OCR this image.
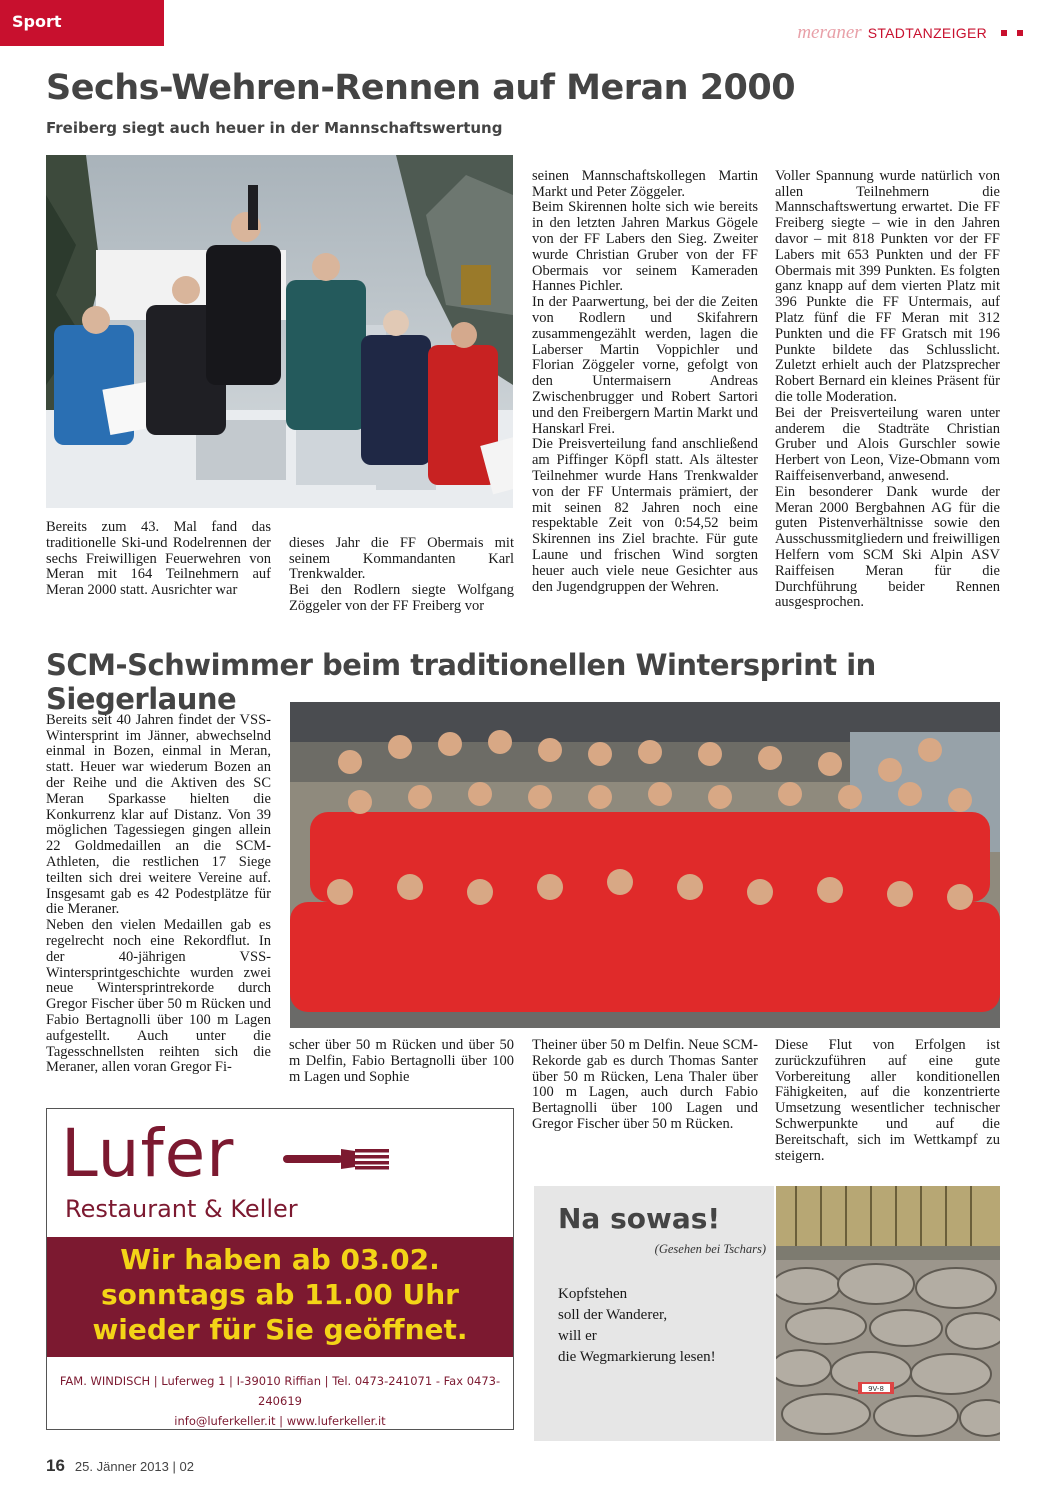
Sport
meraner STADTANZEIGER
Sechs-Wehren-Rennen auf Meran 2000
Freiberg siegt auch heuer in der Mannschaftswertung

Bereits zum 43. Mal fand das traditionelle Ski-und Rodelrennen der sechs Freiwilligen Feuerwehren von Meran mit 164 Teilnehmern auf Meran 2000 statt. Ausrichter war

dieses Jahr die FF Obermais mit seinem Kommandanten Karl Trenkwalder.
Bei den Rodlern siegte Wolfgang Zöggeler von der FF Freiberg vor

seinen Mannschaftskollegen Martin Markt und Peter Zöggeler.
Beim Skirennen holte sich wie bereits in den letzten Jahren Markus Gögele von der FF Labers den Sieg. Zweiter wurde Christian Gruber von der FF Obermais vor seinem Kameraden Hannes Pichler.
In der Paarwertung, bei der die Zeiten von Rodlern und Skifahrern zusammengezählt werden, lagen die Laberser Martin Voppichler und Florian Zöggeler vorne, gefolgt von den Untermaisern Andreas Zwischenbrugger und Robert Sartori und den Freibergern Martin Markt und Hanskarl Frei.
Die Preisverteilung fand anschließend am Piffinger Köpfl statt. Als ältester Teilnehmer wurde Hans Trenkwalder von der FF Untermais prämiert, der mit seinen 82 Jahren noch eine respektable Zeit von 0:54,52 beim Skirennen ins Ziel brachte. Für gute Laune und frischen Wind sorgten heuer auch viele neue Gesichter aus den Jugendgruppen der Wehren.

Voller Spannung wurde natürlich von allen Teilnehmern die Mannschaftswertung erwartet. Die FF Freiberg siegte – wie in den Jahren davor – mit 818 Punkten vor der FF Labers mit 653 Punkten und der FF Obermais mit 399 Punkten. Es folgten ganz knapp auf dem vierten Platz mit 396 Punkte die FF Untermais, auf Platz fünf die FF Meran mit 312 Punkten und die FF Gratsch mit 196 Punkte bildete das Schlusslicht. Zuletzt erhielt auch der Platzsprecher Robert Bernard ein kleines Präsent für die tolle Moderation.
Bei der Preisverteilung waren unter anderem die Stadträte Christian Gruber und Alois Gurschler sowie Herbert von Leon, Vize-Obmann vom Raiffeisenverband, anwesend.
Ein besonderer Dank wurde der Meran 2000 Bergbahnen AG für die guten Pistenverhältnisse sowie den Ausschussmitgliedern und freiwilligen Helfern vom SCM Ski Alpin ASV Raiffeisen Meran für die Durchführung beider Rennen ausgesprochen.

SCM-Schwimmer beim traditionellen Wintersprint in Siegerlaune

Bereits seit 40 Jahren findet der VSS-Wintersprint im Jänner, abwechselnd einmal in Bozen, einmal in Meran, statt. Heuer war wiederum Bozen an der Reihe und die Aktiven des SC Meran Sparkasse hielten die Konkurrenz klar auf Distanz. Von 39 möglichen Tagessiegen gingen allein 22 Goldmedaillen an die SCM-Athleten, die restlichen 17 Siege teilten sich drei weitere Vereine auf. Insgesamt gab es 42 Podestplätze für die Meraner.
Neben den vielen Medaillen gab es regelrecht noch eine Rekordflut. In der 40-jährigen VSS-Wintersprintgeschichte wurden zwei neue Wintersprintrekorde durch Gregor Fischer über 50 m Rücken und Fabio Bertagnolli über 100 m Lagen aufgestellt. Auch unter die Tagesschnellsten reihten sich die Meraner, allen voran Gregor Fi-

scher über 50 m Rücken und über 50 m Delfin, Fabio Bertagnolli über 100 m Lagen und Sophie

Theiner über 50 m Delfin. Neue SCM-Rekorde gab es durch Thomas Santer über 50 m Rücken, Lena Thaler über 100 m Lagen, auch durch Fabio Bertagnolli über 100 Lagen und Gregor Fischer über 50 m Rücken.

Diese Flut von Erfolgen ist zurückzuführen auf eine gute Vorbereitung aller konditionellen Fähigkeiten, auf die konzentrierte Umsetzung wesentlicher technischer Schwerpunkte und auf die Bereitschaft, sich im Wettkampf zu steigern.

Lufer
Restaurant & Keller
Wir haben ab 03.02.
sonntags ab 11.00 Uhr
wieder für Sie geöffnet.
FAM. WINDISCH | Luferweg 1 | I-39010 Riffian | Tel. 0473-241071 - Fax 0473-240619
info@luferkeller.it | www.luferkeller.it
Na sowas!
(Gesehen bei Tschars)
Kopfstehen
soll der Wanderer,
will er
die Wegmarkierung lesen!
9V-8
16 25. Jänner 2013 | 02
